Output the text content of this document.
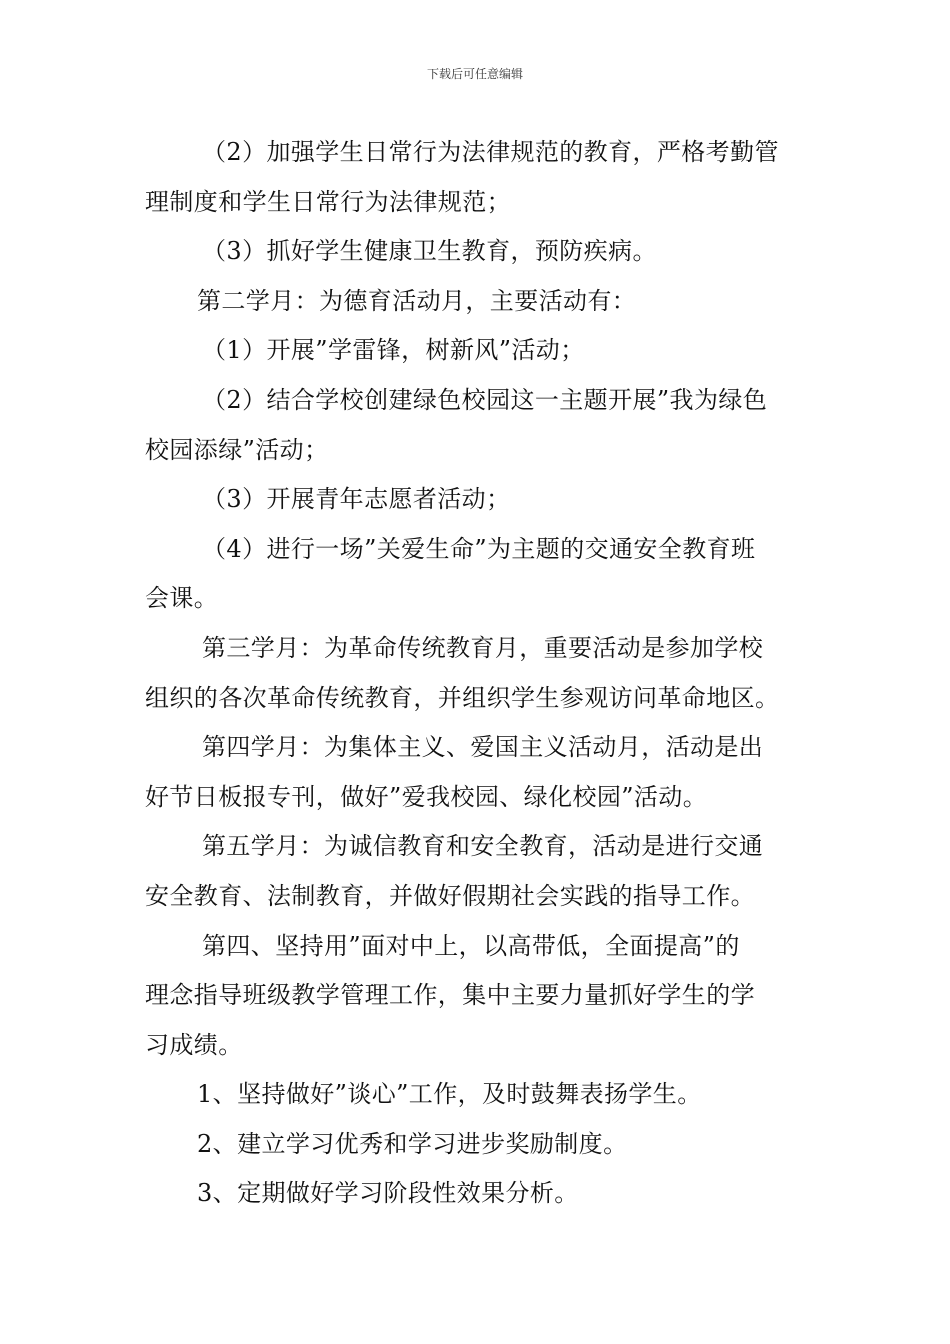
下载后可任意编辑

（2）加强学生日常行为法律规范的教育，严格考勤管

理制度和学生日常行为法律规范；

（3）抓好学生健康卫生教育，预防疾病。

第二学月：为德育活动月，主要活动有：

（1）开展”学雷锋，树新风”活动；

（2）结合学校创建绿色校园这一主题开展”我为绿色

校园添绿”活动；

（3）开展青年志愿者活动；

（4）进行一场”关爱生命”为主题的交通安全教育班

会课。

第三学月：为革命传统教育月，重要活动是参加学校

组织的各次革命传统教育，并组织学生参观访问革命地区。

第四学月：为集体主义、爱国主义活动月，活动是出

好节日板报专刊，做好”爱我校园、绿化校园”活动。

第五学月：为诚信教育和安全教育，活动是进行交通

安全教育、法制教育，并做好假期社会实践的指导工作。

第四、坚持用”面对中上，以高带低，全面提高”的

理念指导班级教学管理工作，集中主要力量抓好学生的学

习成绩。

1、坚持做好”谈心”工作，及时鼓舞表扬学生。

2、建立学习优秀和学习进步奖励制度。

3、定期做好学习阶段性效果分析。
